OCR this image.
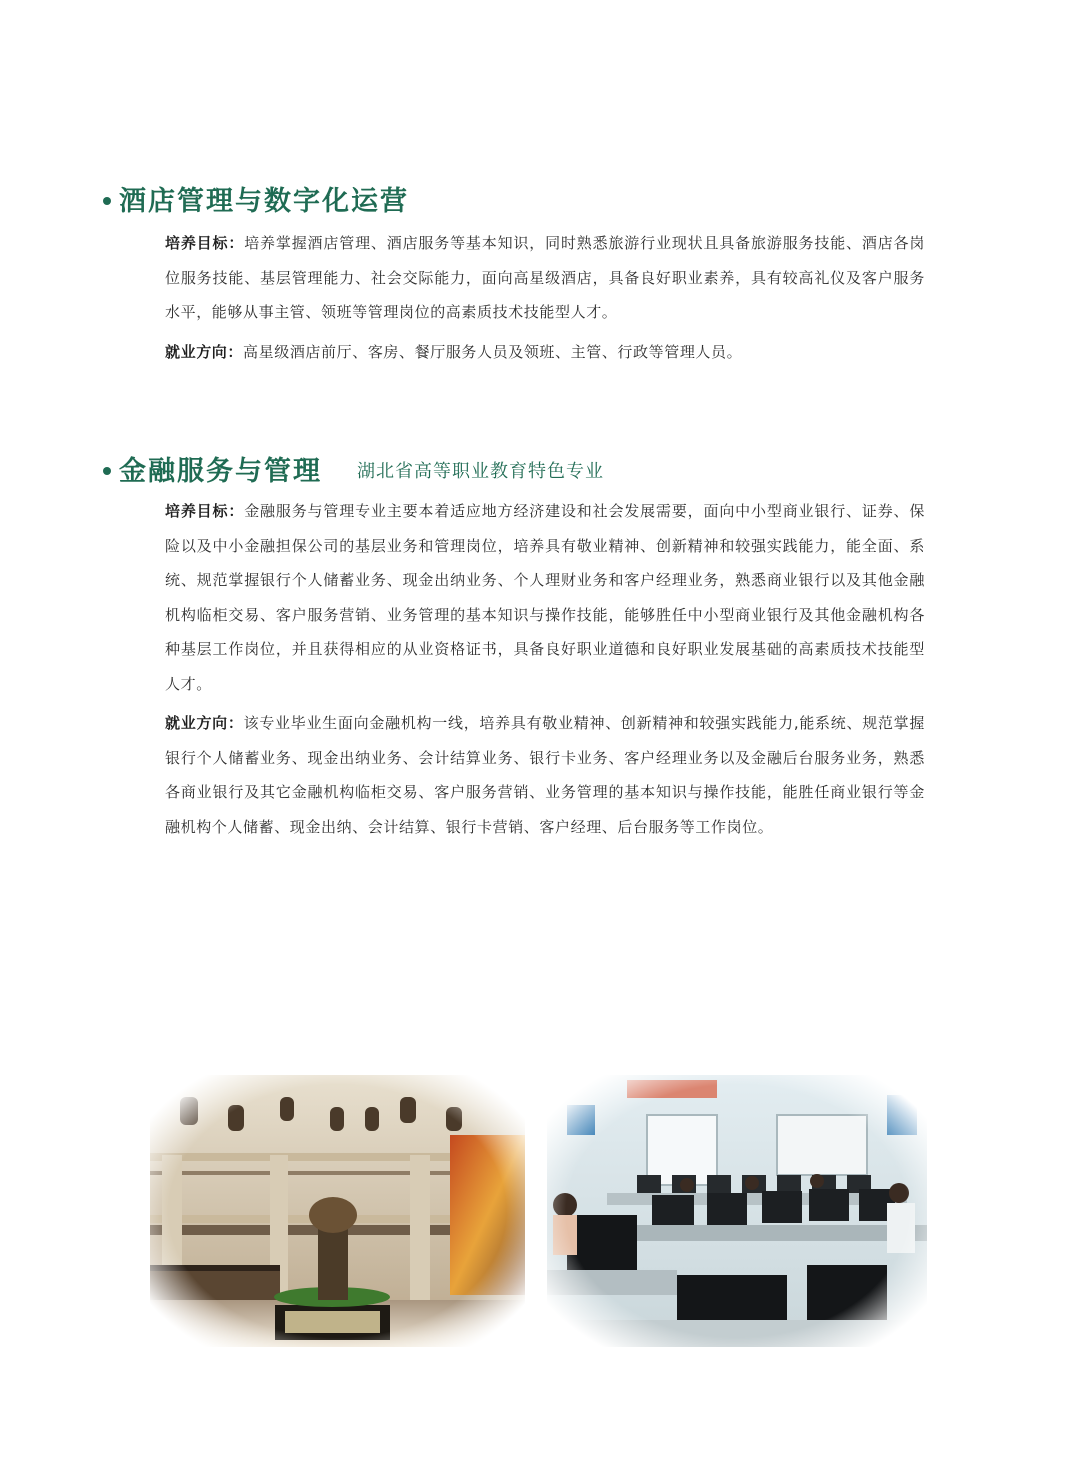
酒店管理与数字化运营

培养目标：培养掌握酒店管理、酒店服务等基本知识，同时熟悉旅游行业现状且具备旅游服务技能、酒店各岗位服务技能、基层管理能力、社会交际能力，面向高星级酒店，具备良好职业素养，具有较高礼仪及客户服务水平，能够从事主管、领班等管理岗位的高素质技术技能型人才。

就业方向：高星级酒店前厅、客房、餐厅服务人员及领班、主管、行政等管理人员。

金融服务与管理 湖北省高等职业教育特色专业

培养目标：金融服务与管理专业主要本着适应地方经济建设和社会发展需要，面向中小型商业银行、证券、保险以及中小金融担保公司的基层业务和管理岗位，培养具有敬业精神、创新精神和较强实践能力，能全面、系统、规范掌握银行个人储蓄业务、现金出纳业务、个人理财业务和客户经理业务，熟悉商业银行以及其他金融机构临柜交易、客户服务营销、业务管理的基本知识与操作技能，能够胜任中小型商业银行及其他金融机构各种基层工作岗位，并且获得相应的从业资格证书，具备良好职业道德和良好职业发展基础的高素质技术技能型人才。

就业方向：该专业毕业生面向金融机构一线，培养具有敬业精神、创新精神和较强实践能力,能系统、规范掌握银行个人储蓄业务、现金出纳业务、会计结算业务、银行卡业务、客户经理业务以及金融后台服务业务，熟悉各商业银行及其它金融机构临柜交易、客户服务营销、业务管理的基本知识与操作技能，能胜任商业银行等金融机构个人储蓄、现金出纳、会计结算、银行卡营销、客户经理、后台服务等工作岗位。
